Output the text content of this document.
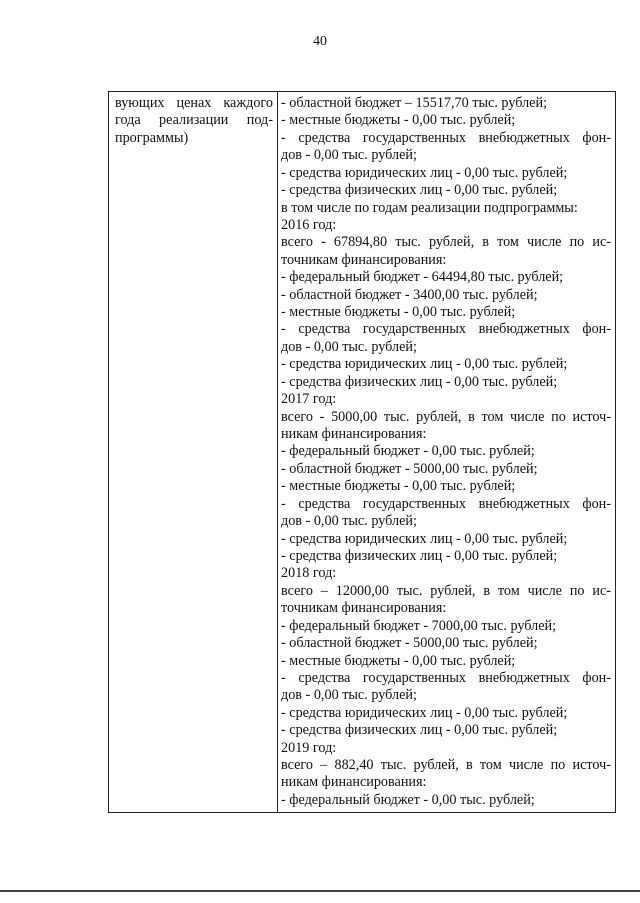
40
вующих ценах каждого
года реализации под-
программы)

- областной бюджет – 15517,70 тыс. рублей;
- местные бюджеты - 0,00 тыс. рублей;
- средства государственных внебюджетных фон-
дов - 0,00 тыс. рублей;
- средства юридических лиц - 0,00 тыс. рублей;
- средства физических лиц - 0,00 тыс. рублей;
в том числе по годам реализации подпрограммы:
2016 год:
всего - 67894,80 тыс. рублей, в том числе по ис-
точникам финансирования:
- федеральный бюджет - 64494,80 тыс. рублей;
- областной бюджет - 3400,00 тыс. рублей;
- местные бюджеты - 0,00 тыс. рублей;
- средства государственных внебюджетных фон-
дов - 0,00 тыс. рублей;
- средства юридических лиц - 0,00 тыс. рублей;
- средства физических лиц - 0,00 тыс. рублей;
2017 год:
всего - 5000,00 тыс. рублей, в том числе по источ-
никам финансирования:
- федеральный бюджет - 0,00 тыс. рублей;
- областной бюджет - 5000,00 тыс. рублей;
- местные бюджеты - 0,00 тыс. рублей;
- средства государственных внебюджетных фон-
дов - 0,00 тыс. рублей;
- средства юридических лиц - 0,00 тыс. рублей;
- средства физических лиц - 0,00 тыс. рублей;
2018 год:
всего – 12000,00 тыс. рублей, в том числе по ис-
точникам финансирования:
- федеральный бюджет - 7000,00 тыс. рублей;
- областной бюджет - 5000,00 тыс. рублей;
- местные бюджеты - 0,00 тыс. рублей;
- средства государственных внебюджетных фон-
дов - 0,00 тыс. рублей;
- средства юридических лиц - 0,00 тыс. рублей;
- средства физических лиц - 0,00 тыс. рублей;
2019 год:
всего – 882,40 тыс. рублей, в том числе по источ-
никам финансирования:
- федеральный бюджет - 0,00 тыс. рублей;
